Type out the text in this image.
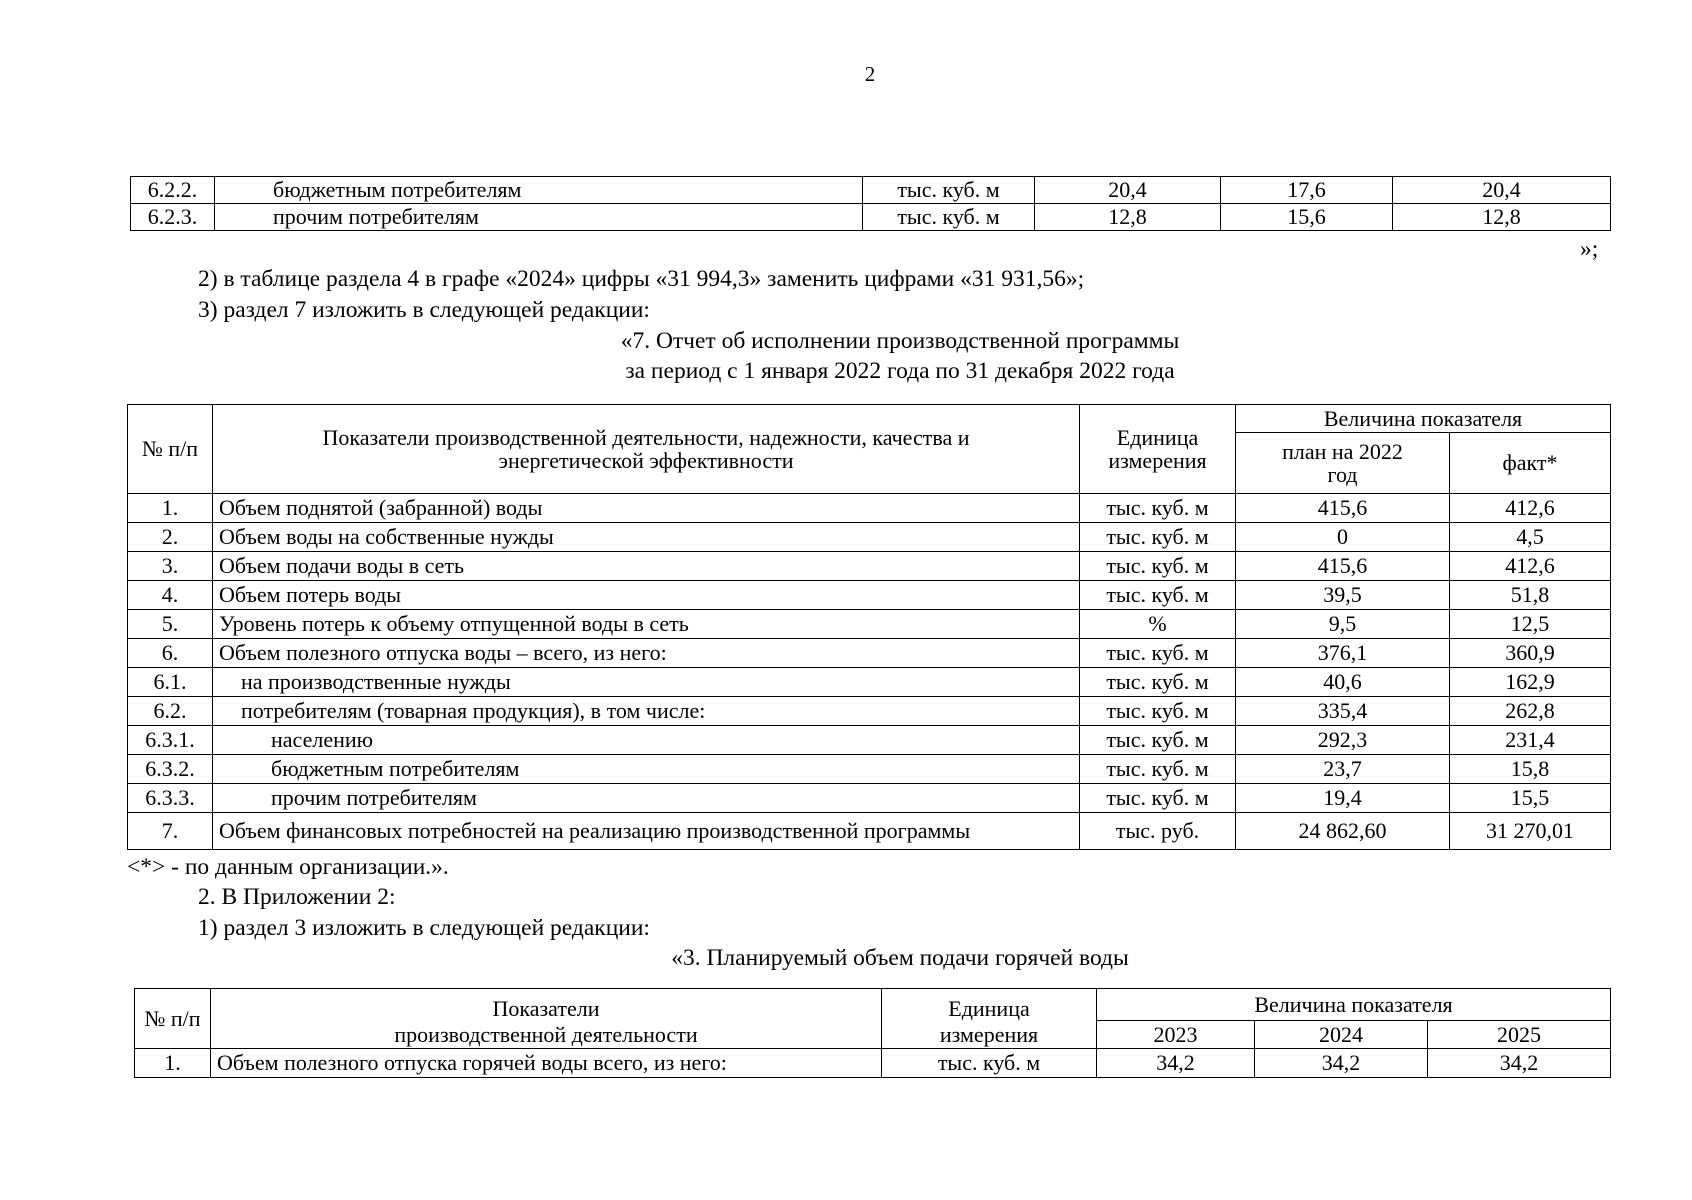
2
6.2.2.	бюджетным потребителям	тыс. куб. м	20,4	17,6	20,4
6.2.3.	прочим потребителям	тыс. куб. м	12,8	15,6	12,8
»;
2) в таблице раздела 4 в графе «2024» цифры «31 994,3» заменить цифрами «31 931,56»;
3) раздел 7 изложить в следующей редакции:
«7. Отчет об исполнении производственной программы
за период с 1 января 2022 года по 31 декабря 2022 года
№ п/п	Показатели производственной деятельности, надежности, качества и энергетической эффективности	Единица измерения	Величина показателя	
			план на 2022 год	факт*
1.	Объем поднятой (забранной) воды	тыс. куб. м	415,6	412,6
2.	Объем воды на собственные нужды	тыс. куб. м	0	4,5
3.	Объем подачи воды в сеть	тыс. куб. м	415,6	412,6
4.	Объем потерь воды	тыс. куб. м	39,5	51,8
5.	Уровень потерь к объему отпущенной воды в сеть	%	9,5	12,5
6.	Объем полезного отпуска воды – всего, из него:	тыс. куб. м	376,1	360,9
6.1.	на производственные нужды	тыс. куб. м	40,6	162,9
6.2.	потребителям (товарная продукция), в том числе:	тыс. куб. м	335,4	262,8
6.3.1.	населению	тыс. куб. м	292,3	231,4
6.3.2.	бюджетным потребителям	тыс. куб. м	23,7	15,8
6.3.3.	прочим потребителям	тыс. куб. м	19,4	15,5
7.	Объем финансовых потребностей на реализацию производственной программы	тыс. руб.	24 862,60	31 270,01
<*> - по данным организации.».
2. В Приложении 2:
1) раздел 3 изложить в следующей редакции:
«3. Планируемый объем подачи горячей воды
№ п/п	Показатели	Единица	Величина показателя		
	производственной деятельности	измерения	2023	2024	2025
1.	Объем полезного отпуска горячей воды всего, из него:	тыс. куб. м	34,2	34,2	34,2
